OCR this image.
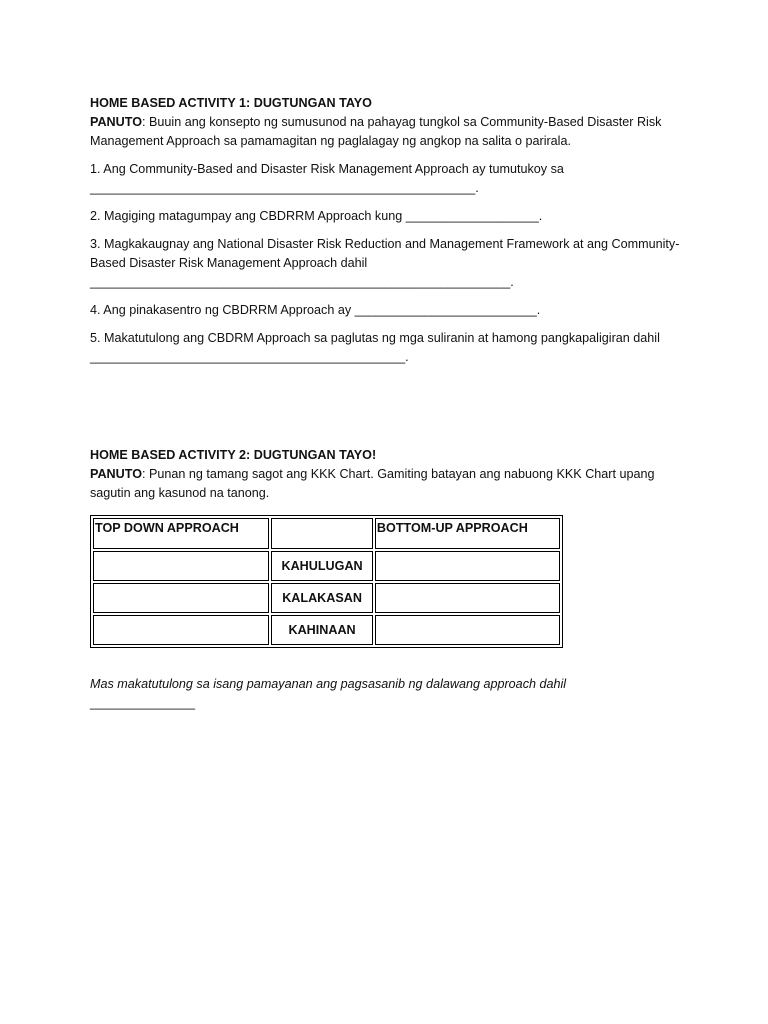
HOME BASED ACTIVITY 1: DUGTUNGAN TAYO

PANUTO: Buuin ang konsepto ng sumusunod na pahayag tungkol sa Community-Based Disaster Risk Management Approach sa pamamagitan ng paglalagay ng angkop na salita o parirala.

1. Ang Community-Based and Disaster Risk Management Approach ay tumutukoy sa

_______________________________________________________.

2. Magiging matagumpay ang CBDRRM Approach kung ___________________.

3. Magkakaugnay ang National Disaster Risk Reduction and Management Framework at ang Community-Based Disaster Risk Management Approach dahil

____________________________________________________________.

4. Ang pinakasentro ng CBDRRM Approach ay __________________________.

5. Makatutulong ang CBDRM Approach sa paglutas ng mga suliranin at hamong pangkapaligiran dahil

_____________________________________________.

HOME BASED ACTIVITY 2: DUGTUNGAN TAYO!

PANUTO: Punan ng tamang sagot ang KKK Chart. Gamiting batayan ang nabuong KKK Chart upang sagutin ang kasunod na tanong.

TOP DOWN APPROACH		BOTTOM-UP APPROACH
	KAHULUGAN	
	KALAKASAN	
	KAHINAAN	

Mas makatutulong sa isang pamayanan ang pagsasanib ng dalawang approach dahil

_______________
